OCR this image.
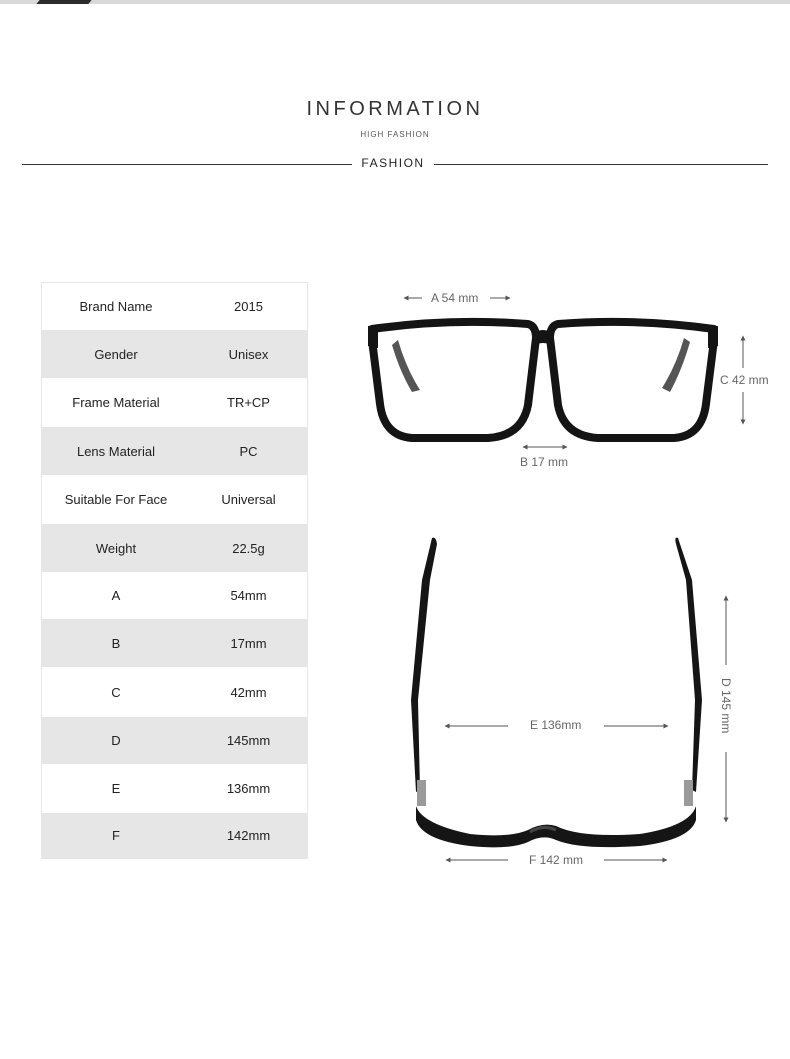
INFORMATION
HIGH FASHION
FASHION
Brand Name	2015
Gender	Unisex
Frame Material	TR+CP
Lens Material	PC
Suitable For Face	Universal
Weight	22.5g
A	54mm
B	17mm
C	42mm
D	145mm
E	136mm
F	142mm
A 54 mm
B 17 mm
C 42 mm
D 145 mm
E 136mm
F 142 mm
